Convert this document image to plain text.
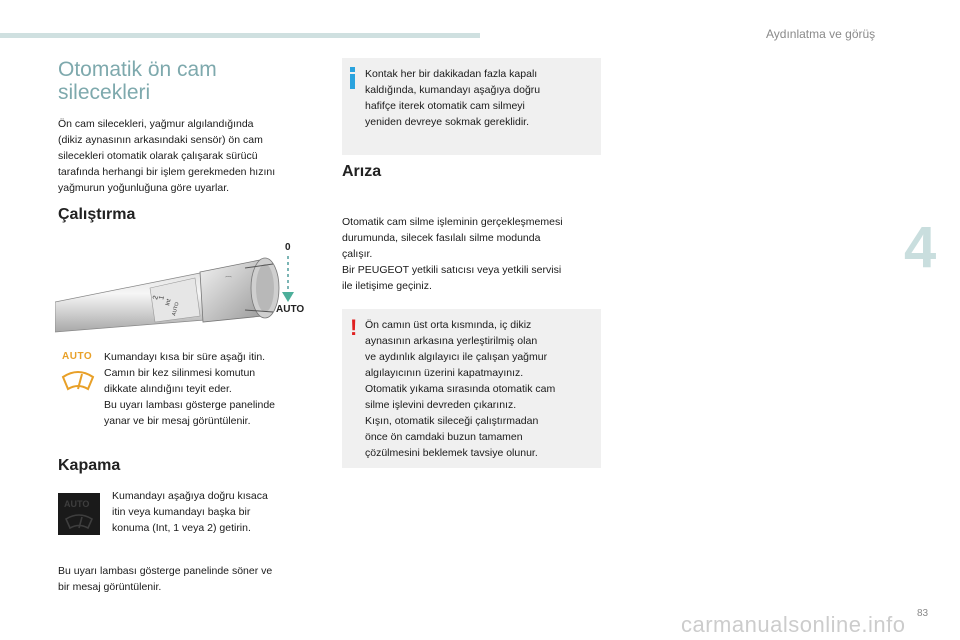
Aydınlatma ve görüş
4
Otomatik ön cam
silecekleri
Ön cam silecekleri, yağmur algılandığında
(dikiz aynasının arkasındaki sensör) ön cam
silecekleri otomatik olarak çalışarak sürücü
tarafında herhangi bir işlem gerekmeden hızını
yağmurun yoğunluğuna göre uyarlar.
Çalıştırma
⌒
2
1
Int
AUTO
0
AUTO
AUTO Kumandayı kısa bir süre aşağı itin.
Camın bir kez silinmesi komutun
dikkate alındığını teyit eder.
Bu uyarı lambası gösterge panelinde
yanar ve bir mesaj görüntülenir.
Kapama
AUTO
Kumandayı aşağıya doğru kısaca
itin veya kumandayı başka bir
konuma (Int, 1 veya 2) getirin.
Bu uyarı lambası gösterge panelinde söner ve
bir mesaj görüntülenir.
Kontak her bir dakikadan fazla kapalı
kaldığında, kumandayı aşağıya doğru
hafifçe iterek otomatik cam silmeyi
yeniden devreye sokmak gereklidir.
Arıza
Otomatik cam silme işleminin gerçekleşmemesi
durumunda, silecek fasılalı silme modunda
çalışır.
Bir PEUGEOT yetkili satıcısı veya yetkili servisi
ile iletişime geçiniz.
! Ön camın üst orta kısmında, iç dikiz
aynasının arkasına yerleştirilmiş olan
ve aydınlık algılayıcı ile çalışan yağmur
algılayıcının üzerini kapatmayınız.
Otomatik yıkama sırasında otomatik cam
silme işlevini devreden çıkarınız.
Kışın, otomatik sileceği çalıştırmadan
önce ön camdaki buzun tamamen
çözülmesini beklemek tavsiye olunur.
carmanualsonline.info 83
